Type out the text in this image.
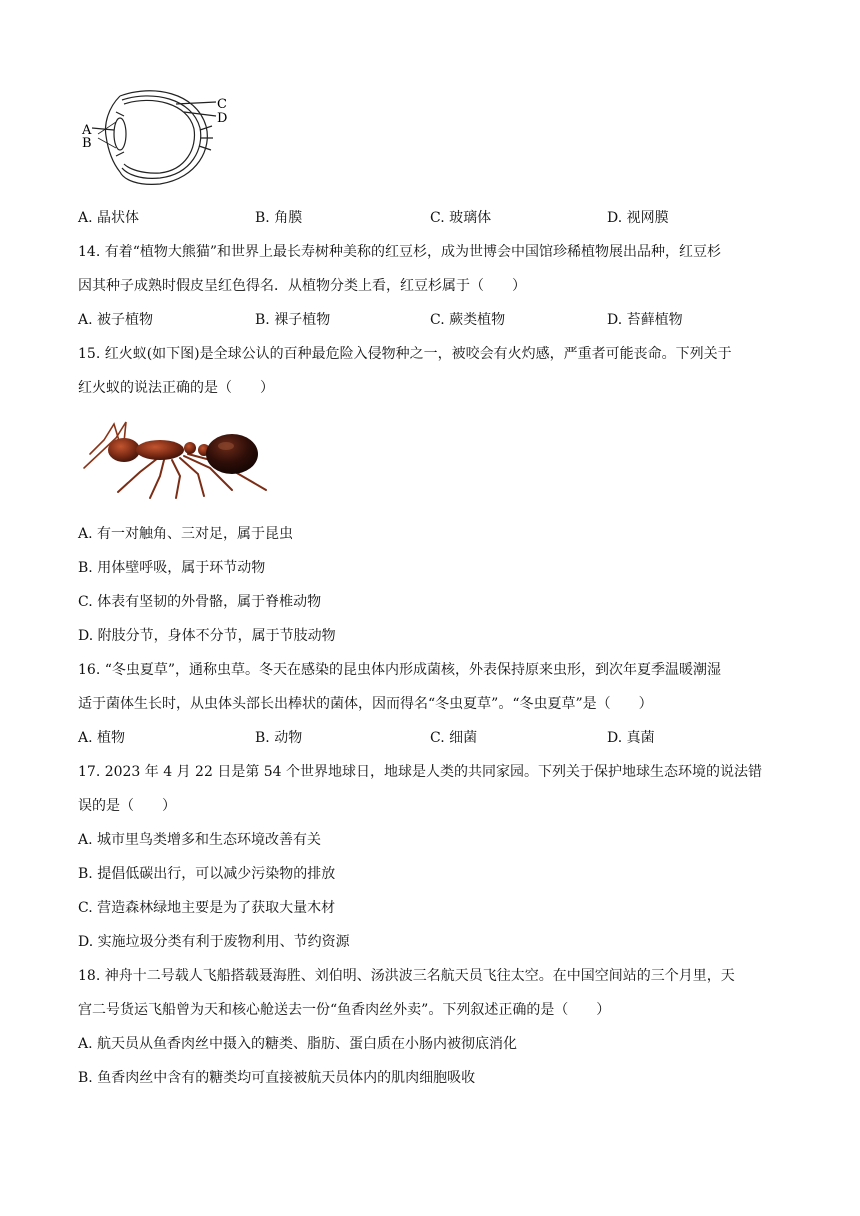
A
B
C
D
A. 晶状体	B. 角膜	C. 玻璃体	D. 视网膜
14. 有着“植物大熊猫”和世界上最长寿树种美称的红豆杉，成为世博会中国馆珍稀植物展出品种，红豆杉
因其种子成熟时假皮呈红色得名．从植物分类上看，红豆杉属于（　　）
A. 被子植物	B. 裸子植物	C. 蕨类植物	D. 苔藓植物
15. 红火蚁(如下图)是全球公认的百种最危险入侵物种之一，被咬会有火灼感，严重者可能丧命。下列关于
红火蚁的说法正确的是（　　）
A. 有一对触角、三对足，属于昆虫
B. 用体壁呼吸，属于环节动物
C. 体表有坚韧的外骨骼，属于脊椎动物
D. 附肢分节，身体不分节，属于节肢动物
16. “冬虫夏草”，通称虫草。冬天在感染的昆虫体内形成菌核，外表保持原来虫形，到次年夏季温暖潮湿
适于菌体生长时，从虫体头部长出棒状的菌体，因而得名“冬虫夏草”。“冬虫夏草”是（　　）
A. 植物	B. 动物	C. 细菌	D. 真菌
17. 2023 年 4 月 22 日是第 54 个世界地球日，地球是人类的共同家园。下列关于保护地球生态环境的说法错
误的是（　　）
A. 城市里鸟类增多和生态环境改善有关
B. 提倡低碳出行，可以减少污染物的排放
C. 营造森林绿地主要是为了获取大量木材
D. 实施垃圾分类有利于废物利用、节约资源
18. 神舟十二号载人飞船搭载聂海胜、刘伯明、汤洪波三名航天员飞往太空。在中国空间站的三个月里，天
宫二号货运飞船曾为天和核心舱送去一份“鱼香肉丝外卖”。下列叙述正确的是（　　）
A. 航天员从鱼香肉丝中摄入的糖类、脂肪、蛋白质在小肠内被彻底消化
B. 鱼香肉丝中含有的糖类均可直接被航天员体内的肌肉细胞吸收
